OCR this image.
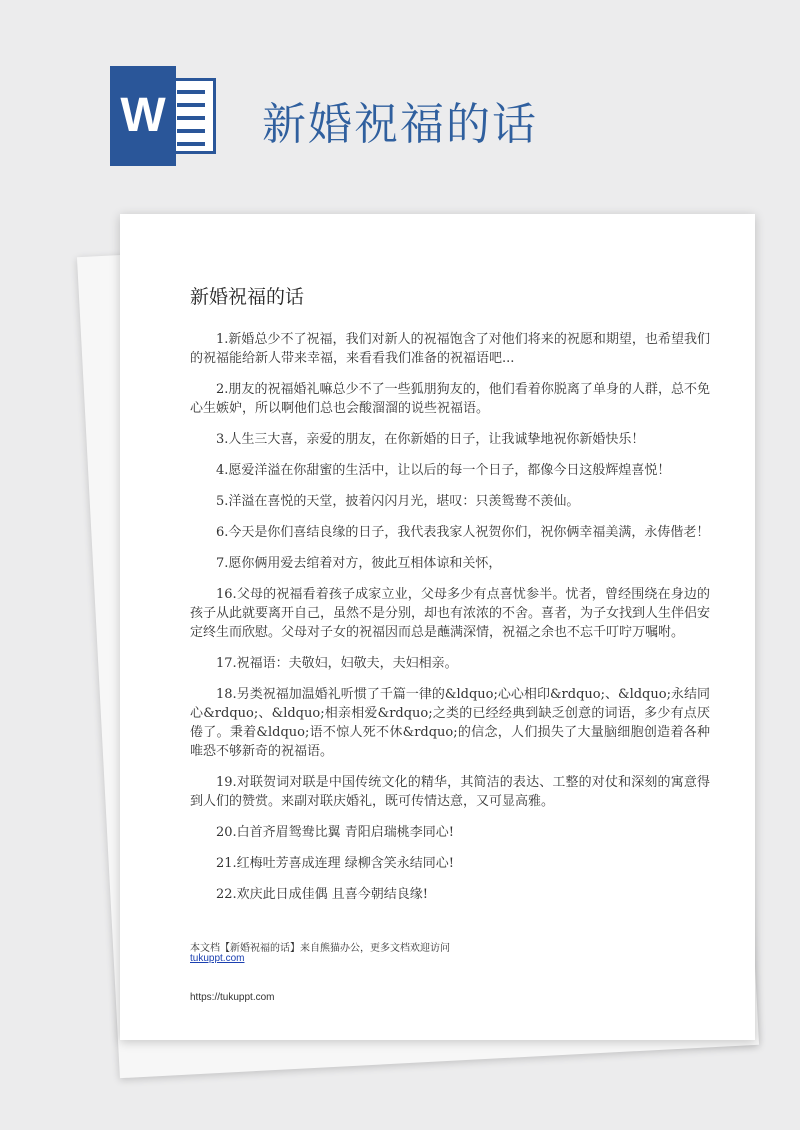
W 新婚祝福的话
新婚祝福的话

1.新婚总少不了祝福，我们对新人的祝福饱含了对他们将来的祝愿和期望，也希望我们的祝福能给新人带来幸福，来看看我们准备的祝福语吧...

2.朋友的祝福婚礼嘛总少不了一些狐朋狗友的，他们看着你脱离了单身的人群，总不免心生嫉妒，所以啊他们总也会酸溜溜的说些祝福语。

3.人生三大喜，亲爱的朋友，在你新婚的日子，让我诚挚地祝你新婚快乐！

4.愿爱洋溢在你甜蜜的生活中，让以后的每一个日子，都像今日这般辉煌喜悦！

5.洋溢在喜悦的天堂，披着闪闪月光，堪叹：只羡鸳鸯不羡仙。

6.今天是你们喜结良缘的日子，我代表我家人祝贺你们，祝你俩幸福美满，永俦偕老！

7.愿你俩用爱去绾着对方，彼此互相体谅和关怀，

16.父母的祝福看着孩子成家立业，父母多少有点喜忧参半。忧者，曾经围绕在身边的孩子从此就要离开自己，虽然不是分别，却也有浓浓的不舍。喜者，为子女找到人生伴侣安定终生而欣慰。父母对子女的祝福因而总是蘸满深情，祝福之余也不忘千叮咛万嘱咐。

17.祝福语：夫敬妇，妇敬夫，夫妇相亲。

18.另类祝福加温婚礼听惯了千篇一律的&ldquo;心心相印&rdquo;、&ldquo;永结同心&rdquo;、&ldquo;相亲相爱&rdquo;之类的已经经典到缺乏创意的词语，多少有点厌倦了。秉着&ldquo;语不惊人死不休&rdquo;的信念，人们损失了大量脑细胞创造着各种唯恐不够新奇的祝福语。

19.对联贺词对联是中国传统文化的精华，其简洁的表达、工整的对仗和深刻的寓意得到人们的赞赏。来副对联庆婚礼，既可传情达意，又可显高雅。

20.白首齐眉鸳鸯比翼 青阳启瑞桃李同心!

21.红梅吐芳喜成连理 绿柳含笑永结同心!

22.欢庆此日成佳偶 且喜今朝结良缘!

本文档【新婚祝福的话】来自熊猫办公，更多文档欢迎访问
tukuppt.com
https://tukuppt.com
